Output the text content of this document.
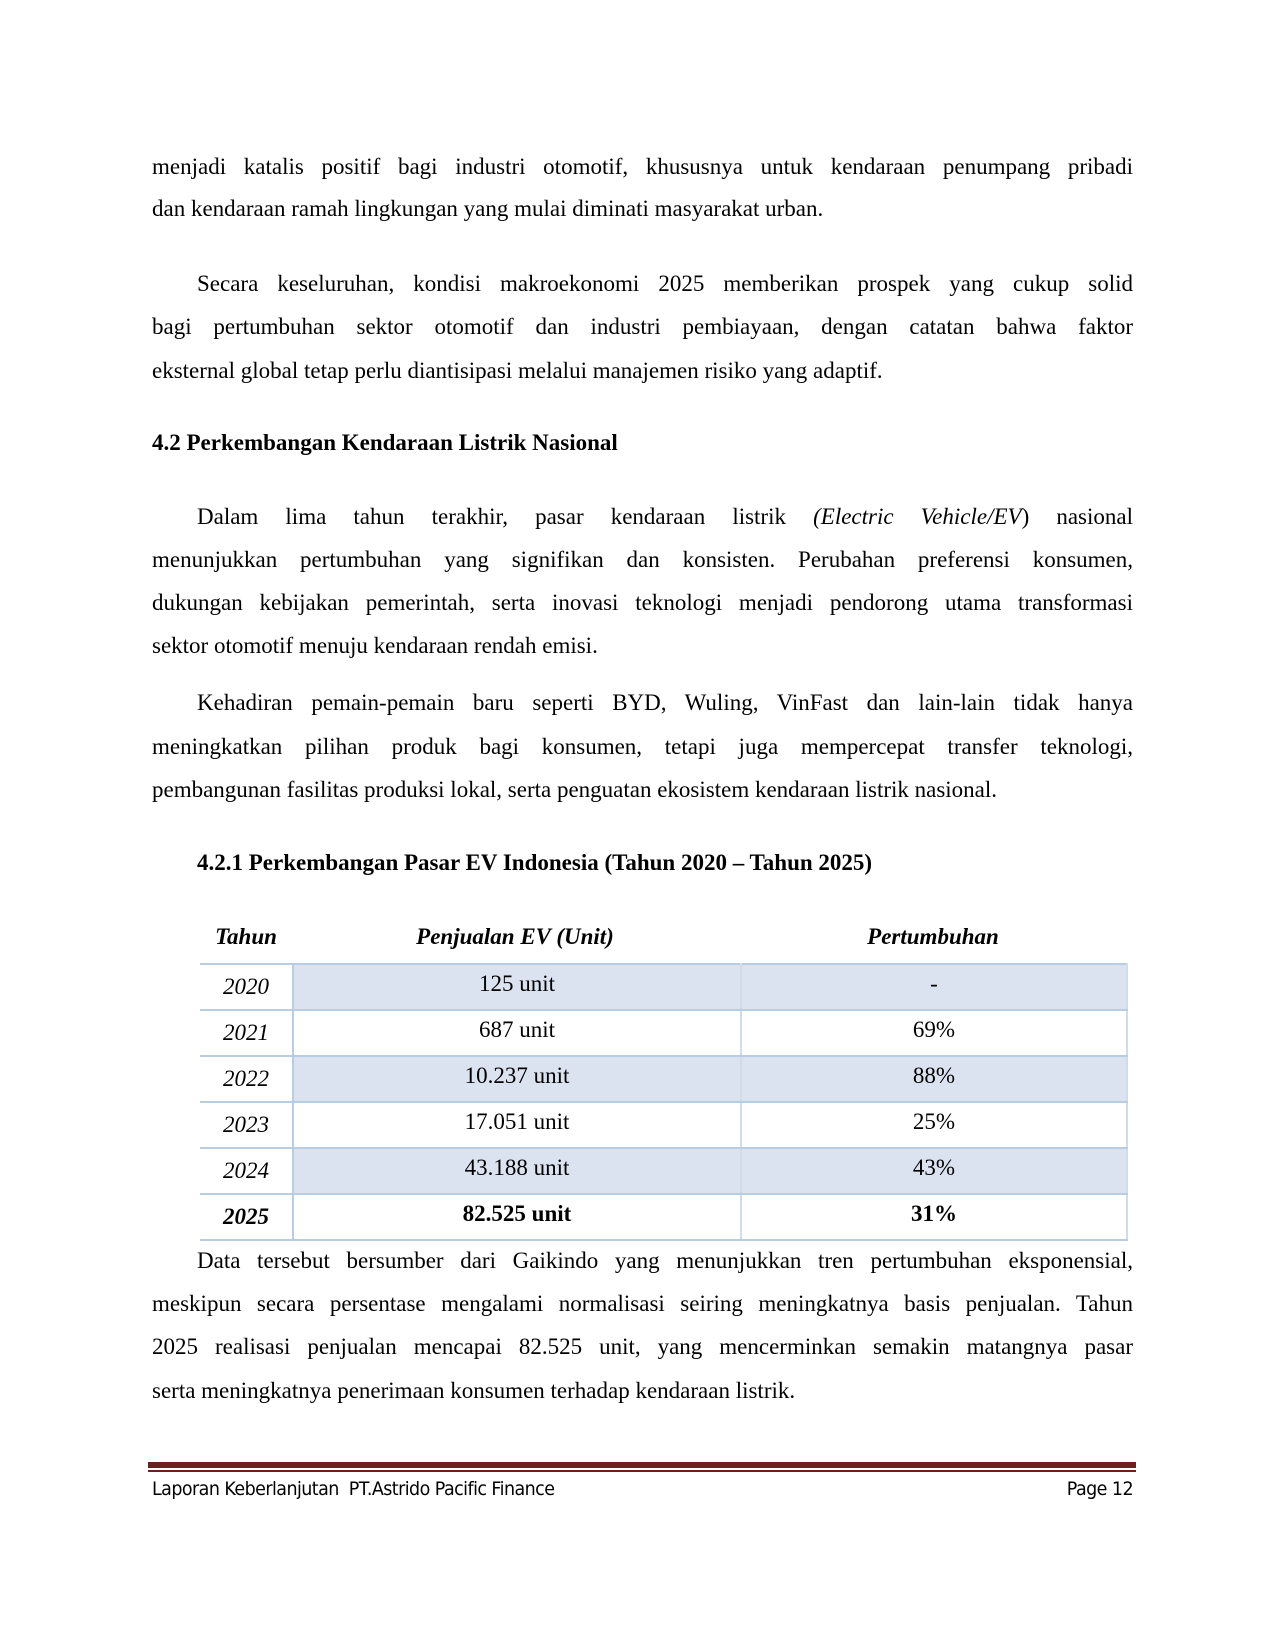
menjadi katalis positif bagi industri otomotif, khususnya untuk kendaraan penumpang pribadi
dan kendaraan ramah lingkungan yang mulai diminati masyarakat urban.
Secara keseluruhan, kondisi makroekonomi 2025 memberikan prospek yang cukup solid
bagi pertumbuhan sektor otomotif dan industri pembiayaan, dengan catatan bahwa faktor
eksternal global tetap perlu diantisipasi melalui manajemen risiko yang adaptif.
4.2 Perkembangan Kendaraan Listrik Nasional
Dalam lima tahun terakhir, pasar kendaraan listrik (Electric Vehicle/EV) nasional
menunjukkan pertumbuhan yang signifikan dan konsisten. Perubahan preferensi konsumen,
dukungan kebijakan pemerintah, serta inovasi teknologi menjadi pendorong utama transformasi
sektor otomotif menuju kendaraan rendah emisi.
Kehadiran pemain-pemain baru seperti BYD, Wuling, VinFast dan lain-lain tidak hanya
meningkatkan pilihan produk bagi konsumen, tetapi juga mempercepat transfer teknologi,
pembangunan fasilitas produksi lokal, serta penguatan ekosistem kendaraan listrik nasional.
4.2.1 Perkembangan Pasar EV Indonesia (Tahun 2020 – Tahun 2025)
Tahun	Penjualan EV (Unit)	Pertumbuhan
2020	125 unit	-
2021	687 unit	69%
2022	10.237 unit	88%
2023	17.051 unit	25%
2024	43.188 unit	43%
2025	82.525 unit	31%
Data tersebut bersumber dari Gaikindo yang menunjukkan tren pertumbuhan eksponensial,
meskipun secara persentase mengalami normalisasi seiring meningkatnya basis penjualan. Tahun
2025 realisasi penjualan mencapai 82.525 unit, yang mencerminkan semakin matangnya pasar
serta meningkatnya penerimaan konsumen terhadap kendaraan listrik.
Laporan Keberlanjutan  PT.Astrido Pacific Finance	Page 12
